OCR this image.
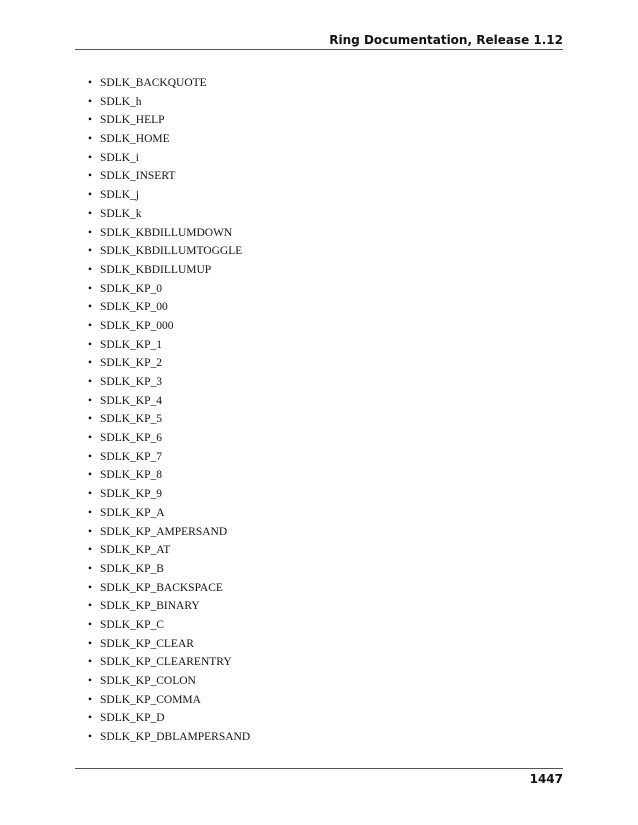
Ring Documentation, Release 1.12
• SDLK_BACKQUOTE
• SDLK_h
• SDLK_HELP
• SDLK_HOME
• SDLK_i
• SDLK_INSERT
• SDLK_j
• SDLK_k
• SDLK_KBDILLUMDOWN
• SDLK_KBDILLUMTOGGLE
• SDLK_KBDILLUMUP
• SDLK_KP_0
• SDLK_KP_00
• SDLK_KP_000
• SDLK_KP_1
• SDLK_KP_2
• SDLK_KP_3
• SDLK_KP_4
• SDLK_KP_5
• SDLK_KP_6
• SDLK_KP_7
• SDLK_KP_8
• SDLK_KP_9
• SDLK_KP_A
• SDLK_KP_AMPERSAND
• SDLK_KP_AT
• SDLK_KP_B
• SDLK_KP_BACKSPACE
• SDLK_KP_BINARY
• SDLK_KP_C
• SDLK_KP_CLEAR
• SDLK_KP_CLEARENTRY
• SDLK_KP_COLON
• SDLK_KP_COMMA
• SDLK_KP_D
• SDLK_KP_DBLAMPERSAND
1447
